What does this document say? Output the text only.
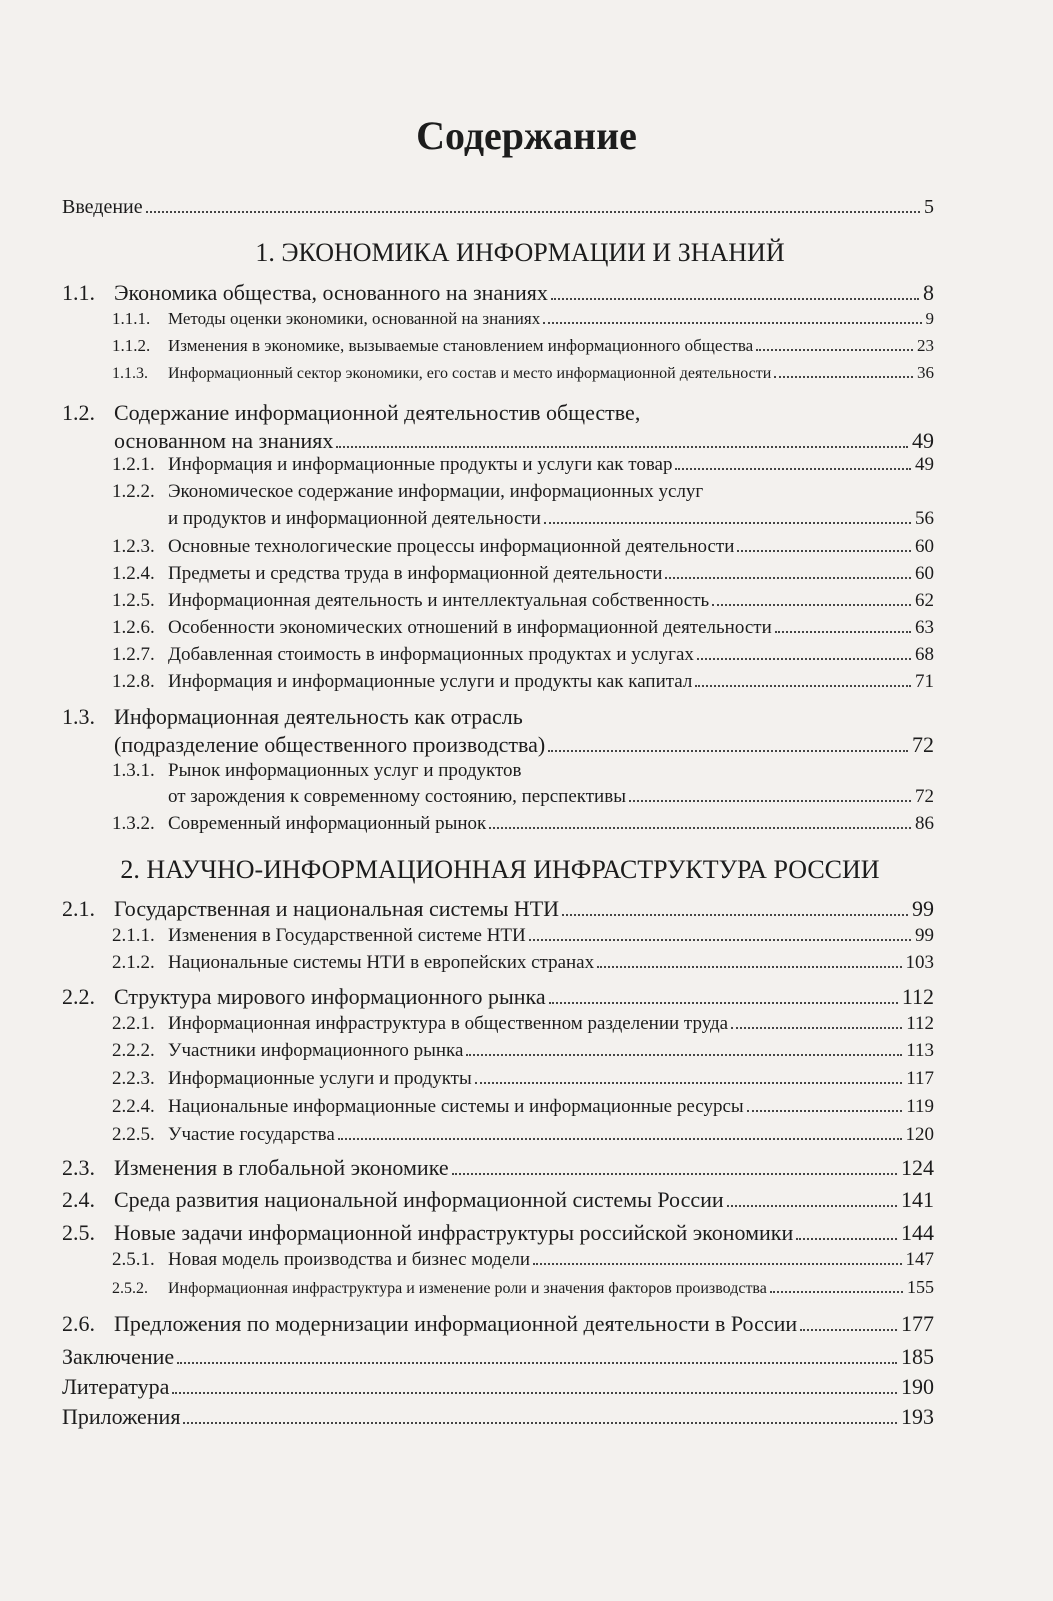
Содержание
Введение	5
1. ЭКОНОМИКА ИНФОРМАЦИИ И ЗНАНИЙ
1.1. Экономика общества, основанного на знаниях	8
1.1.1.	Методы оценки экономики, основанной на знаниях	9
1.1.2.	Изменения в экономике, вызываемые становлением информационного общества	23
1.1.3.	Информационный сектор экономики, его состав и место информационной деятельности	36
1.2. Содержание информационной деятельностив обществе,
основанном на знаниях	49
1.2.1. Информация и информационные продукты и услуги как товар	49
1.2.2. Экономическое содержание информации, информационных услуг
и продуктов и информационной деятельности	56
1.2.3. Основные технологические процессы информационной деятельности	60
1.2.4. Предметы и средства труда в информационной деятельности	60
1.2.5. Информационная деятельность и интеллектуальная собственность	62
1.2.6. Особенности экономических отношений в информационной деятельности	63
1.2.7. Добавленная стоимость в информационных продуктах и услугах	68
1.2.8. Информация и информационные услуги и продукты как капитал	71
1.3. Информационная деятельность как отрасль
(подразделение общественного производства)	72
1.3.1. Рынок информационных услуг и продуктов
от зарождения к современному состоянию, перспективы	72
1.3.2. Современный информационный рынок	86
2. НАУЧНО-ИНФОРМАЦИОННАЯ ИНФРАСТРУКТУРА РОССИИ
2.1. Государственная и национальная системы НТИ	99
2.1.1. Изменения в Государственной системе НТИ	99
2.1.2. Национальные системы НТИ в европейских странах	103
2.2. Структура мирового информационного рынка	112
2.2.1. Информационная инфраструктура в общественном разделении труда	112
2.2.2. Участники информационного рынка	113
2.2.3. Информационные услуги и продукты	117
2.2.4. Национальные информационные системы и информационные ресурсы	119
2.2.5. Участие государства	120
2.3. Изменения в глобальной экономике	124
2.4. Среда развития национальной информационной системы России	141
2.5. Новые задачи информационной инфраструктуры российской экономики	144
2.5.1. Новая модель производства и бизнес модели	147
2.5.2.	Информационная инфраструктура и изменение роли и значения факторов производства	155
2.6. Предложения по модернизации информационной деятельности в России	177
Заключение	185
Литература	190
Приложения	193
